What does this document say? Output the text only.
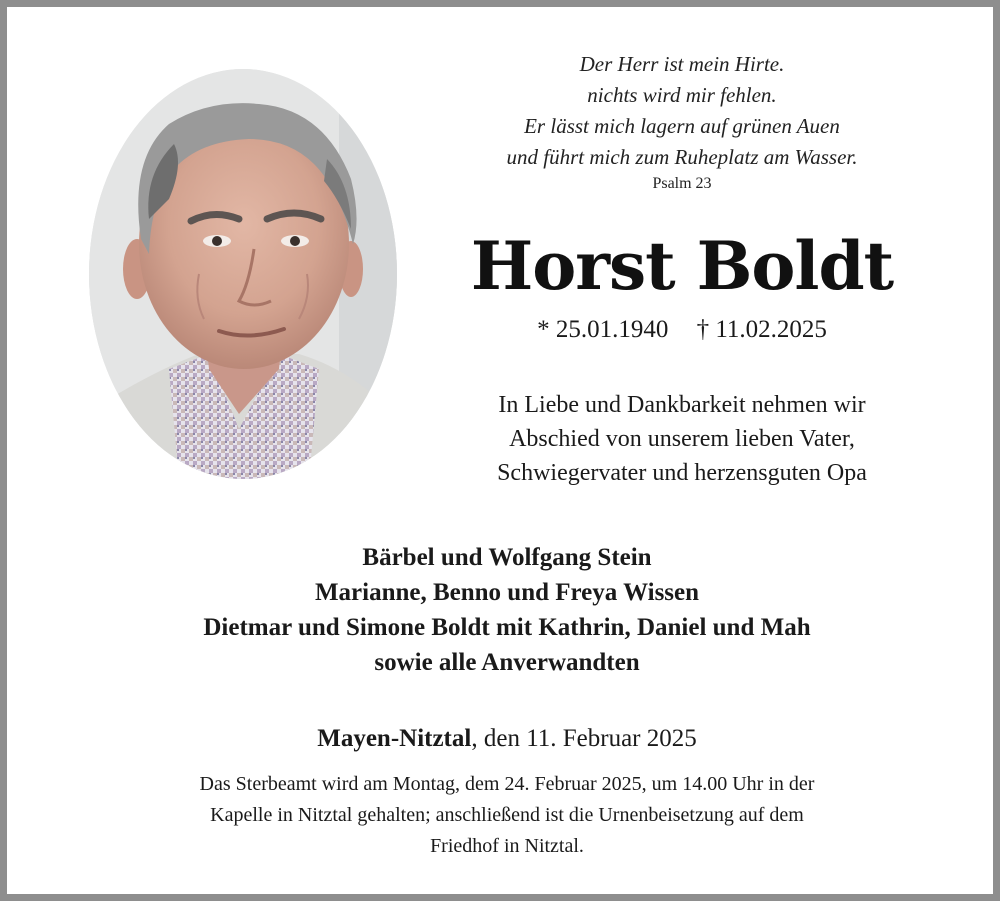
Der Herr ist mein Hirte.
nichts wird mir fehlen.
Er lässt mich lagern auf grünen Auen
und führt mich zum Ruheplatz am Wasser.
Psalm 23
Horst Boldt
* 25.01.1940 † 11.02.2025
In Liebe und Dankbarkeit nehmen wir
Abschied von unserem lieben Vater,
Schwiegervater und herzensguten Opa
Bärbel und Wolfgang Stein
Marianne, Benno und Freya Wissen
Dietmar und Simone Boldt mit Kathrin, Daniel und Mah
sowie alle Anverwandten
Mayen-Nitztal, den 11. Februar 2025
Das Sterbeamt wird am Montag, dem 24. Februar 2025, um 14.00 Uhr in der
Kapelle in Nitztal gehalten; anschließend ist die Urnenbeisetzung auf dem
Friedhof in Nitztal.
